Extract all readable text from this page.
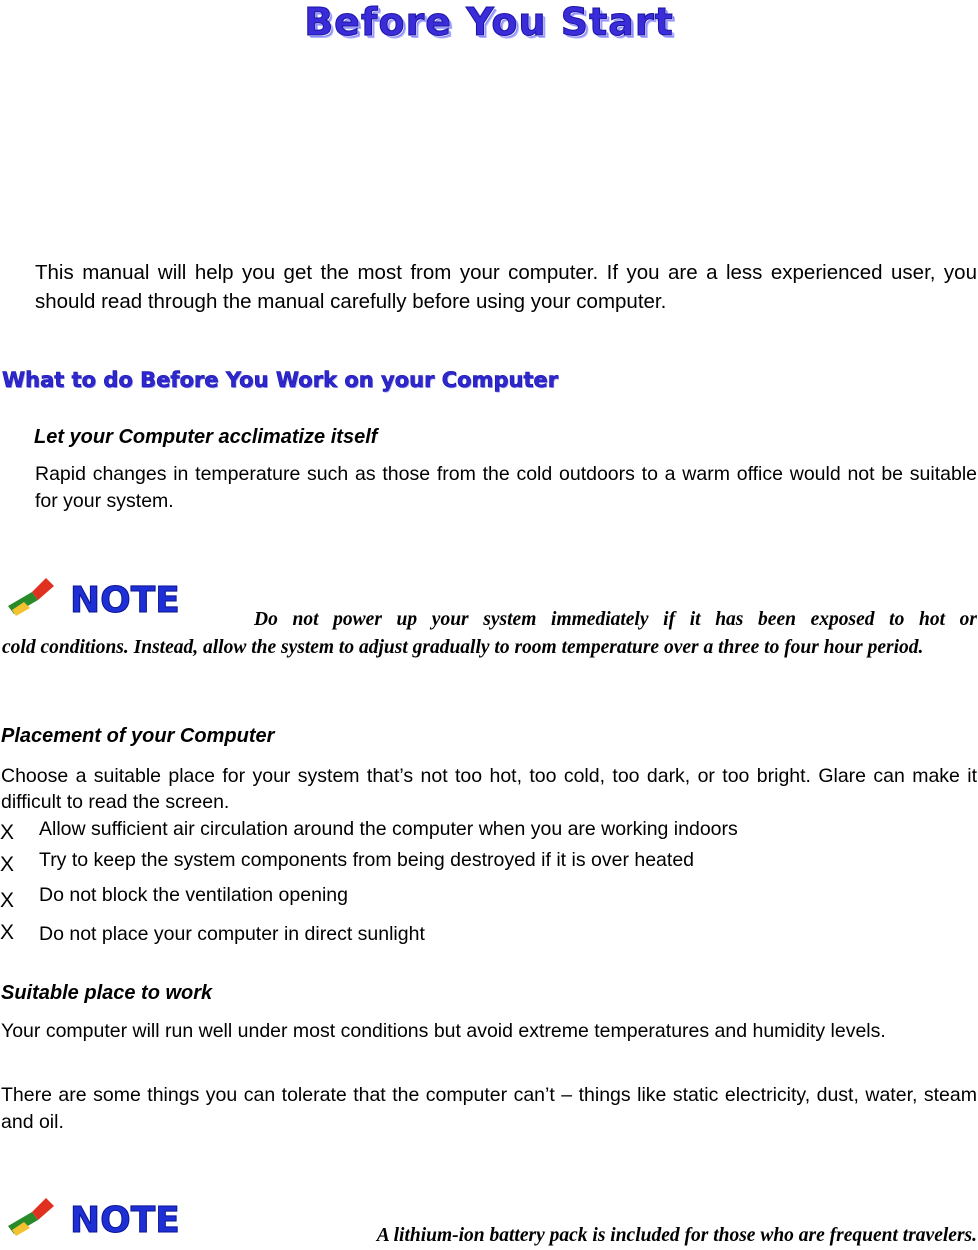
Before You Start
This manual will help you get the most from your computer. If you are a less experienced user, you should read through the manual carefully before using your computer.
What to do Before You Work on your Computer
Let your Computer acclimatize itself
Rapid changes in temperature such as those from the cold outdoors to a warm office would not be suitable for your system.
NOTE	Do not power up your system immediately if it has been exposed to hot or
cold conditions. Instead, allow the system to adjust gradually to room temperature over a three to four hour period.
Placement of your Computer
Choose a suitable place for your system that’s not too hot, too cold, too dark, or too bright. Glare can make it difficult to read the screen.
X Allow sufficient air circulation around the computer when you are working indoors
X Try to keep the system components from being destroyed if it is over heated
X Do not block the ventilation opening
X Do not place your computer in direct sunlight
Suitable place to work
Your computer will run well under most conditions but avoid extreme temperatures and humidity levels.
There are some things you can tolerate that the computer can’t – things like static electricity, dust, water, steam and oil.
NOTE	A lithium-ion battery pack is included for those who are frequent travelers.
